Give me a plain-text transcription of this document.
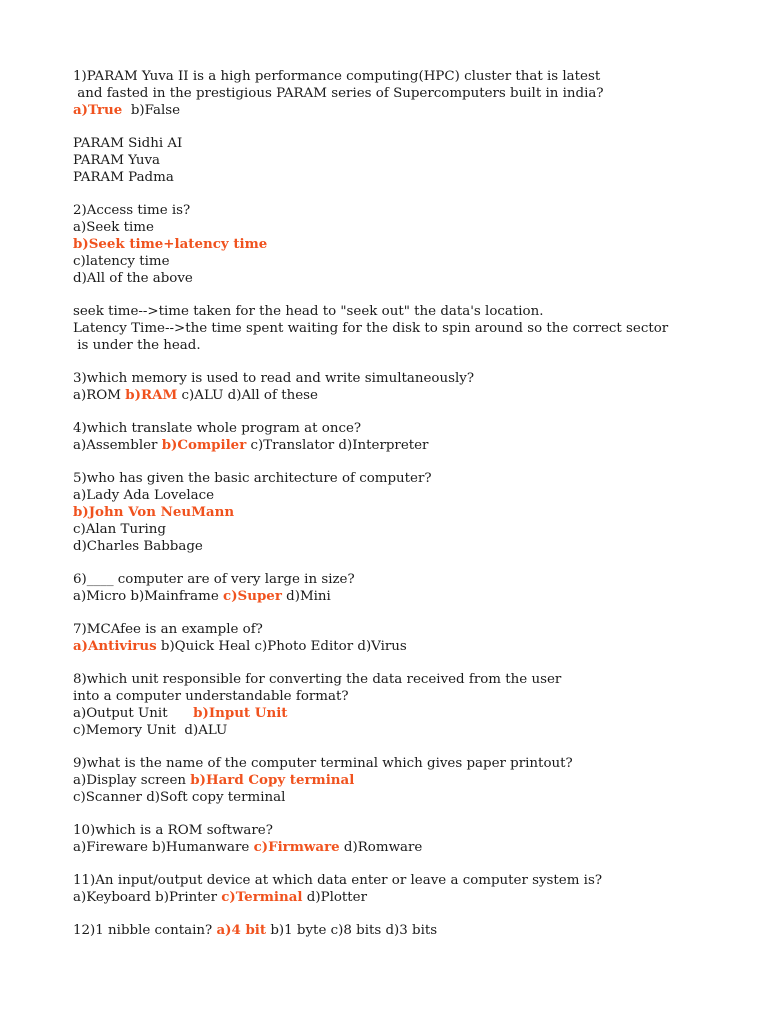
1)PARAM Yuva II is a high performance computing(HPC) cluster that is latest
and fasted in the prestigious PARAM series of Supercomputers built in india?
a)True  b)False
PARAM Sidhi AI
PARAM Yuva
PARAM Padma
2)Access time is?
a)Seek time
b)Seek time+latency time
c)latency time
d)All of the above
seek time-->time taken for the head to "seek out" the data's location.
Latency Time-->the time spent waiting for the disk to spin around so the correct sector
is under the head.
3)which memory is used to read and write simultaneously?
a)ROM b)RAM c)ALU d)All of these
4)which translate whole program at once?
a)Assembler b)Compiler c)Translator d)Interpreter
5)who has given the basic architecture of computer?
a)Lady Ada Lovelace
b)John Von NeuMann
c)Alan Turing
d)Charles Babbage
6)____ computer are of very large in size?
a)Micro b)Mainframe c)Super d)Mini
7)MCAfee is an example of?
a)Antivirus b)Quick Heal c)Photo Editor d)Virus
8)which unit responsible for converting the data received from the user
into a computer understandable format?
a)Output Unit      b)Input Unit
c)Memory Unit  d)ALU
9)what is the name of the computer terminal which gives paper printout?
a)Display screen b)Hard Copy terminal
c)Scanner d)Soft copy terminal
10)which is a ROM software?
a)Fireware b)Humanware c)Firmware d)Romware
11)An input/output device at which data enter or leave a computer system is?
a)Keyboard b)Printer c)Terminal d)Plotter
12)1 nibble contain? a)4 bit b)1 byte c)8 bits d)3 bits
